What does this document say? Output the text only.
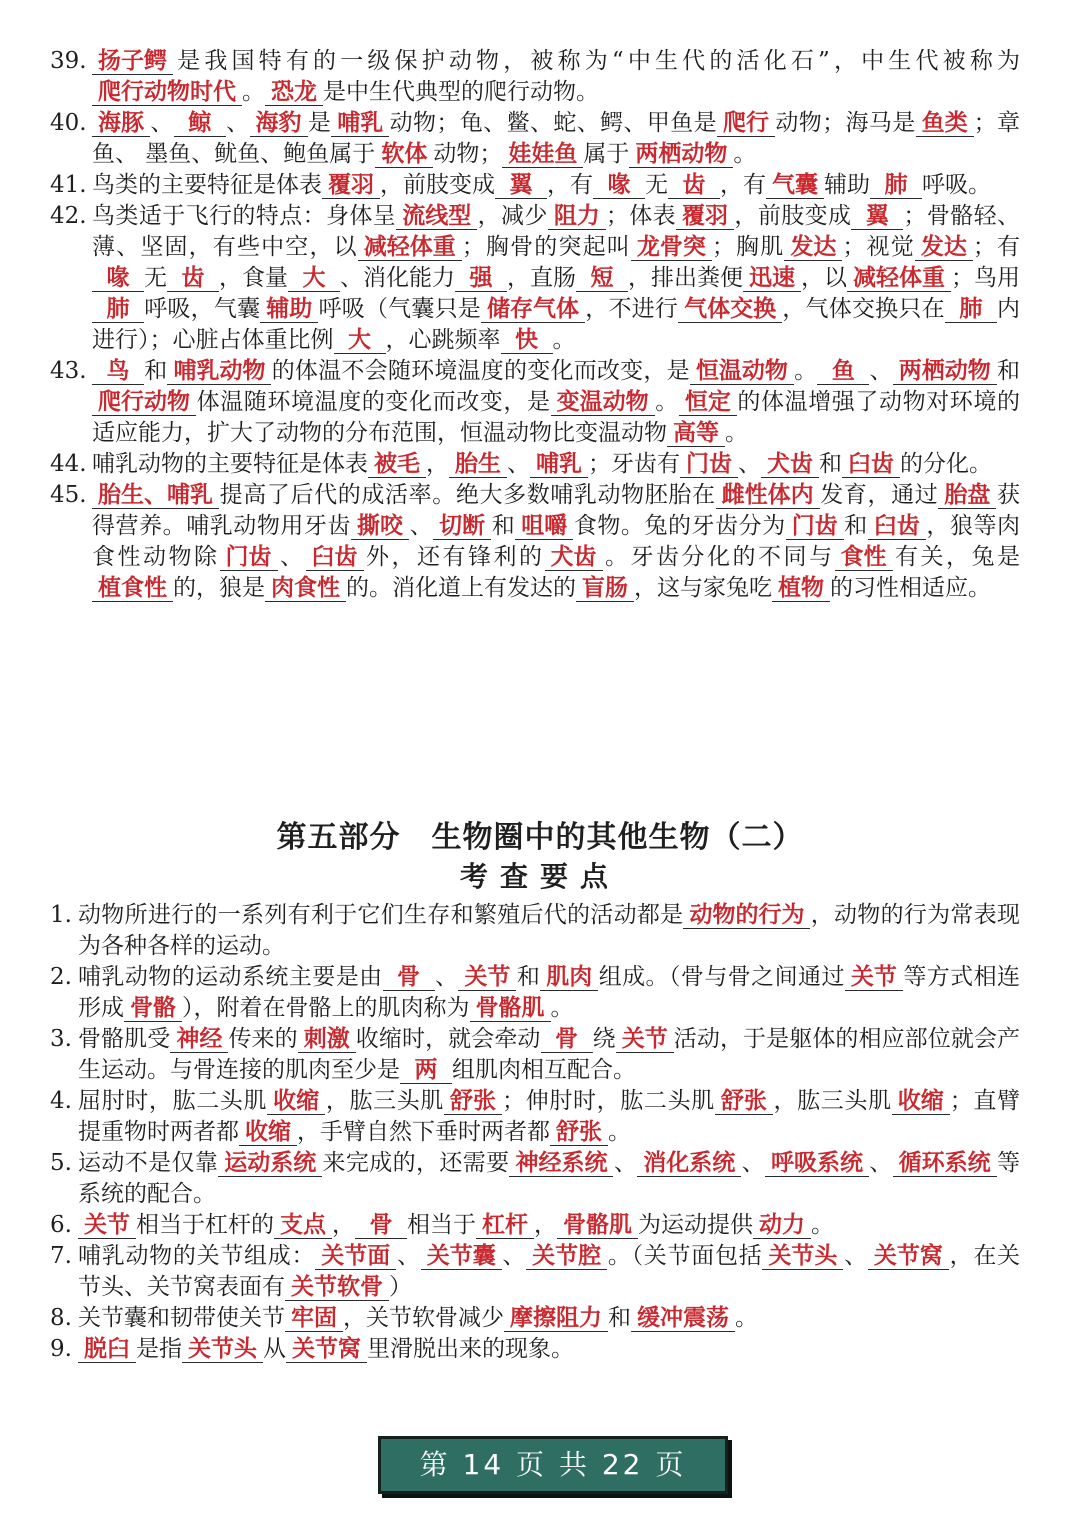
39. 扬子鳄 是我国特有的一级保护动物，被称为“中生代的活化石”，中生代被称为爬行动物时代 。 恐龙 是中生代典型的爬行动物。
40. 海豚 、 鲸 、 海豹 是 哺乳 动物；龟、鳖、蛇、鳄、甲鱼是 爬行 动物；海马是 鱼类 ；章鱼、 墨鱼、鱿鱼、鲍鱼属于 软体 动物； 娃娃鱼 属于 两栖动物 。
41. 鸟类的主要特征是体表 覆羽 ，前肢变成 翼 ，有 喙 无 齿 ，有 气囊 辅助 肺 呼吸。
42. 鸟类适于飞行的特点：身体呈 流线型 ，减少 阻力 ；体表 覆羽 ，前肢变成 翼 ；骨骼轻、薄、坚固，有些中空，以 减轻体重 ；胸骨的突起叫 龙骨突 ；胸肌 发达 ；视觉 发达 ；有喙 无 齿 ，食量 大 、消化能力 强 ，直肠 短 ，排出粪便 迅速 ，以 减轻体重 ；鸟用肺 呼吸，气囊 辅助 呼吸（气囊只是 储存气体 ，不进行 气体交换 ，气体交换只在 肺 内进行）；心脏占体重比例 大 ，心跳频率 快 。
43. 鸟 和 哺乳动物 的体温不会随环境温度的变化而改变，是 恒温动物 。 鱼 、 两栖动物 和爬行动物 体温随环境温度的变化而改变，是 变温动物 。 恒定 的体温增强了动物对环境的适应能力，扩大了动物的分布范围，恒温动物比变温动物 高等 。
44. 哺乳动物的主要特征是体表 被毛 ， 胎生 、 哺乳 ；牙齿有 门齿 、 犬齿 和 臼齿 的分化。
45. 胎生、哺乳 提高了后代的成活率。绝大多数哺乳动物胚胎在 雌性体内 发育，通过 胎盘 获得营养。哺乳动物用牙齿 撕咬 、 切断 和 咀嚼 食物。兔的牙齿分为 门齿 和 臼齿 ，狼等肉食性动物除 门齿 、 臼齿 外，还有锋利的 犬齿 。牙齿分化的不同与 食性 有关，兔是植食性 的，狼是 肉食性 的。消化道上有发达的 盲肠 ，这与家兔吃 植物 的习性相适应。
第五部分　生物圈中的其他生物（二）
考查要点
1. 动物所进行的一系列有利于它们生存和繁殖后代的活动都是 动物的行为 ，动物的行为常表现为各种各样的运动。
2. 哺乳动物的运动系统主要是由 骨 、 关节 和 肌肉 组成。（骨与骨之间通过 关节 等方式相连形成 骨骼 ），附着在骨骼上的肌肉称为 骨骼肌 。
3. 骨骼肌受 神经 传来的 刺激 收缩时，就会牵动 骨 绕 关节 活动，于是躯体的相应部位就会产生运动。与骨连接的肌肉至少是 两 组肌肉相互配合。
4. 屈肘时，肱二头肌 收缩 ，肱三头肌 舒张 ；伸肘时，肱二头肌 舒张 ，肱三头肌 收缩 ；直臂提重物时两者都 收缩 ，手臂自然下垂时两者都 舒张 。
5. 运动不是仅靠 运动系统 来完成的，还需要 神经系统 、 消化系统 、 呼吸系统 、 循环系统 等系统的配合。
6. 关节 相当于杠杆的 支点 ， 骨 相当于 杠杆 ， 骨骼肌 为运动提供 动力 。
7. 哺乳动物的关节组成： 关节面 、 关节囊 、 关节腔 。（关节面包括 关节头 、 关节窝 ，在关节头、关节窝表面有 关节软骨 ）
8. 关节囊和韧带使关节 牢固 ，关节软骨减少 摩擦阻力 和 缓冲震荡 。
9. 脱臼 是指 关节头 从 关节窝 里滑脱出来的现象。
第 14 页 共 22 页
